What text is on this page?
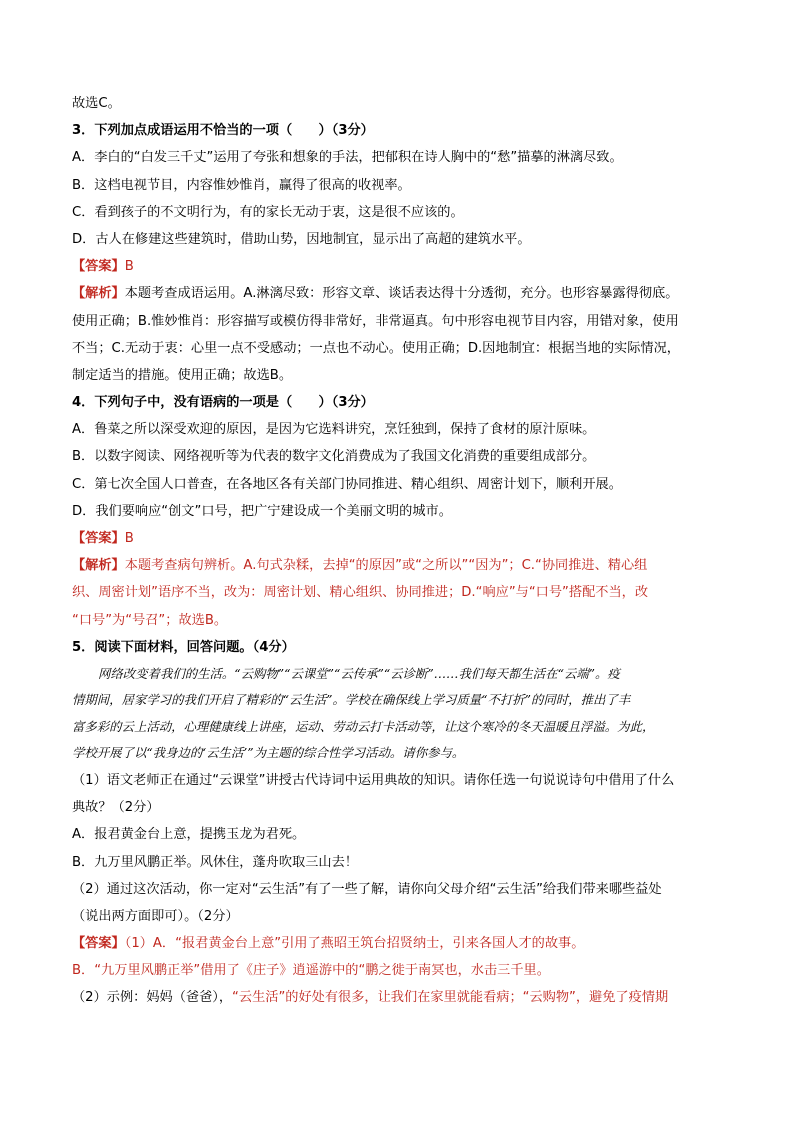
故选C。
3．下列加点成语运用不恰当的一项（　　）（3分）
A．李白的“白发三千丈”运用了夸张和想象的手法，把郁积在诗人胸中的“愁”描摹的淋漓尽致。
B．这档电视节目，内容惟妙惟肖，赢得了很高的收视率。
C．看到孩子的不文明行为，有的家长无动于衷，这是很不应该的。
D．古人在修建这些建筑时，借助山势，因地制宜，显示出了高超的建筑水平。
【答案】B
【解析】本题考查成语运用。A.淋漓尽致：形容文章、谈话表达得十分透彻，充分。也形容暴露得彻底。
使用正确；B.惟妙惟肖：形容描写或模仿得非常好，非常逼真。句中形容电视节目内容，用错对象，使用
不当；C.无动于衷：心里一点不受感动；一点也不动心。使用正确；D.因地制宜：根据当地的实际情况，
制定适当的措施。使用正确；故选B。
4．下列句子中，没有语病的一项是（　　）（3分）
A．鲁菜之所以深受欢迎的原因，是因为它选料讲究，烹饪独到，保持了食材的原汁原味。
B．以数字阅读、网络视听等为代表的数字文化消费成为了我国文化消费的重要组成部分。
C．第七次全国人口普查，在各地区各有关部门协同推进、精心组织、周密计划下，顺利开展。
D．我们要响应“创文”口号，把广宁建设成一个美丽文明的城市。
【答案】B
【解析】本题考查病句辨析。A.句式杂糅，去掉“的原因”或“之所以”“因为”；C.“协同推进、精心组
织、周密计划”语序不当，改为：周密计划、精心组织、协同推进；D.“响应”与“口号”搭配不当，改
“口号”为“号召”；故选B。
5．阅读下面材料，回答问题。（4分）
网络改变着我们的生活。“云购物”“云课堂”“云传承”“云诊断”……我们每天都生活在“云端”。疫
情期间，居家学习的我们开启了精彩的“云生活”。学校在确保线上学习质量“不打折”的同时，推出了丰
富多彩的云上活动，心理健康线上讲座，运动、劳动云打卡活动等，让这个寒冷的冬天温暖且浮溢。为此，
学校开展了以“我身边的‘云生活’”为主题的综合性学习活动。请你参与。
（1）语文老师正在通过“云课堂”讲授古代诗词中运用典故的知识。请你任选一句说说诗句中借用了什么
典故？（2分）
A．报君黄金台上意，提携玉龙为君死。
B．九万里风鹏正举。风休住，蓬舟吹取三山去！
（2）通过这次活动，你一定对“云生活”有了一些了解，请你向父母介绍“云生活”给我们带来哪些益处
（说出两方面即可）。（2分）
【答案】（1）A．“报君黄金台上意”引用了燕昭王筑台招贤纳士，引来各国人才的故事。
B．“九万里风鹏正举”借用了《庄子》逍遥游中的“鹏之徙于南冥也，水击三千里。
（2）示例：妈妈（爸爸），“云生活”的好处有很多，让我们在家里就能看病；“云购物”，避免了疫情期
